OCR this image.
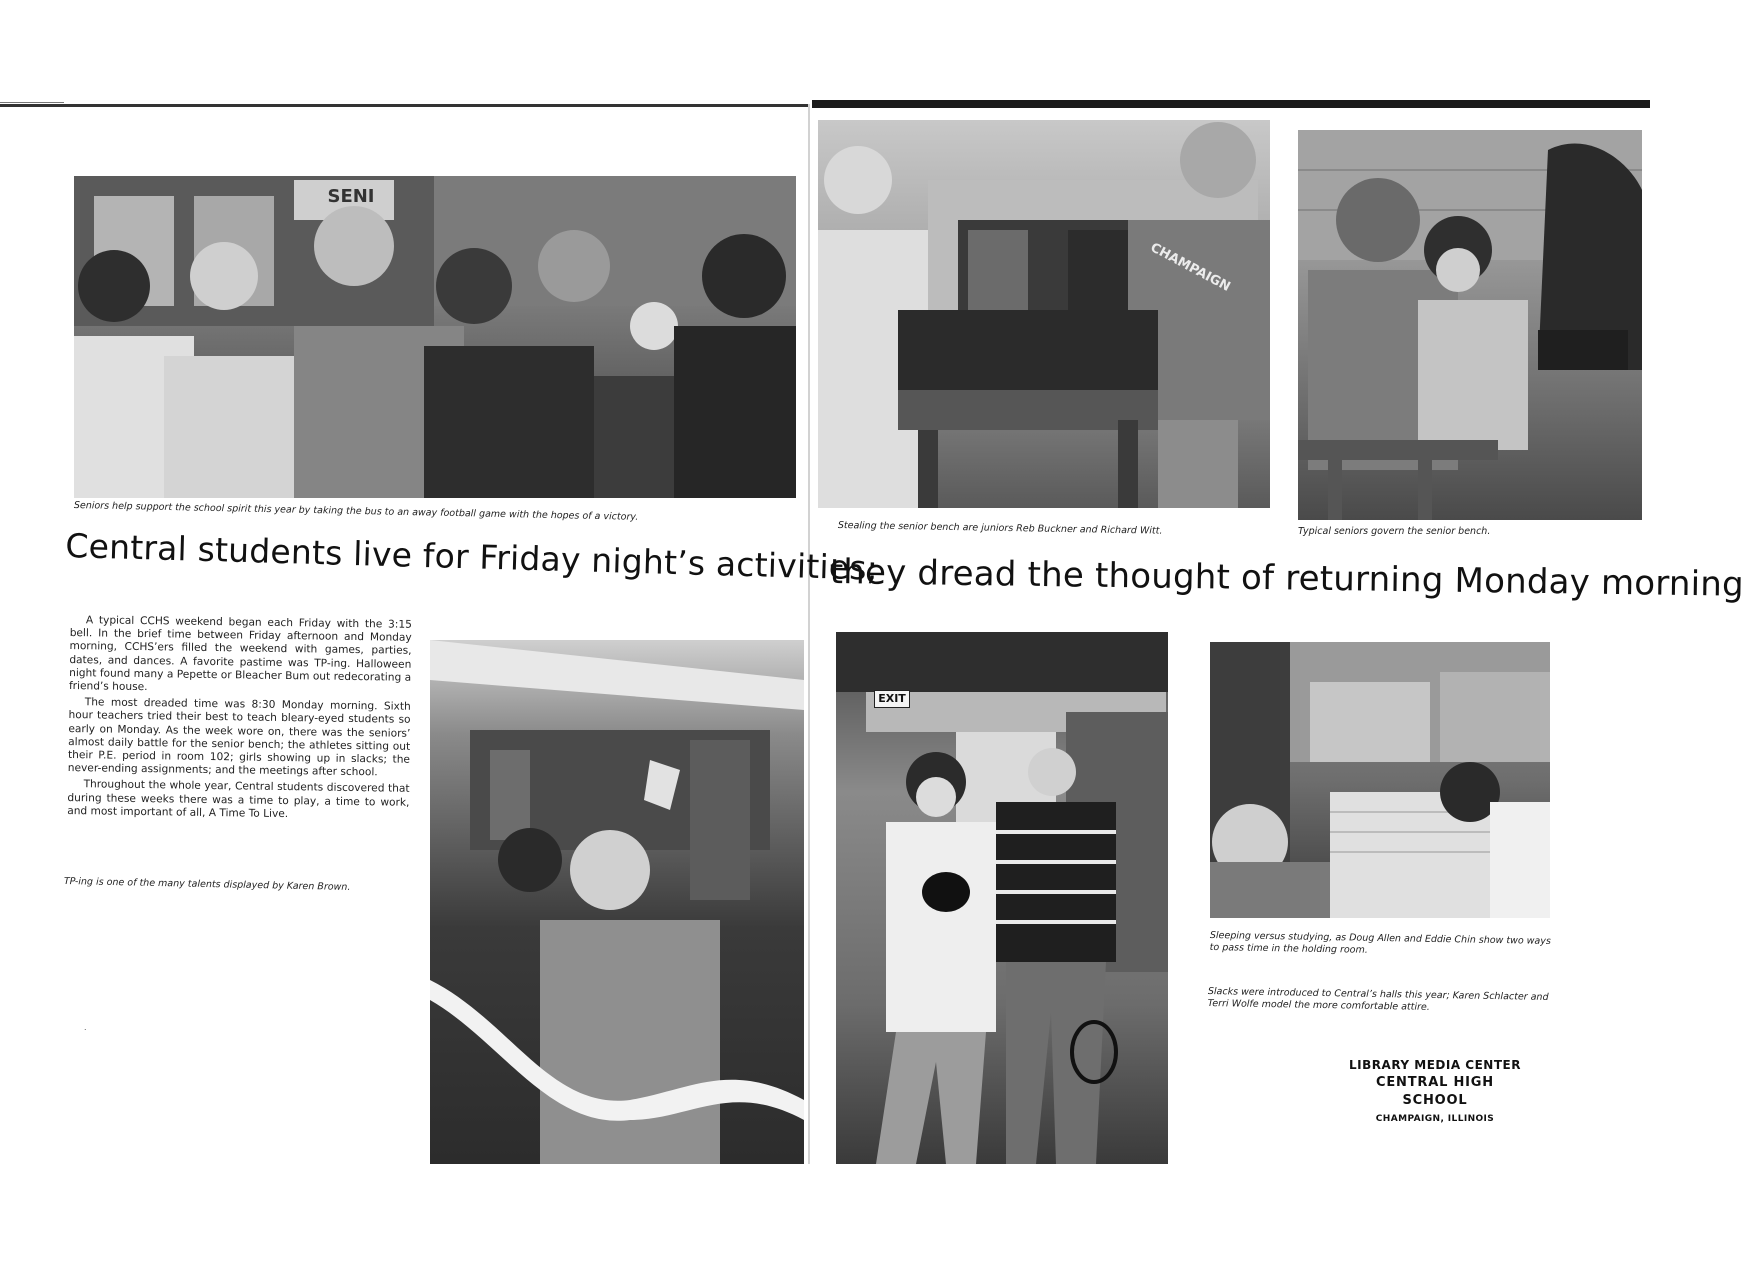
SENI
Seniors help support the school spirit this year by taking the bus to an away football game with the hopes of a victory.
Central students live for Friday night’s activities;

A typical CCHS weekend began each Friday with the 3:15 bell. In the brief time between Friday afternoon and Monday morning, CCHS’ers filled the weekend with games, parties, dates, and dances. A favorite pastime was TP-ing. Halloween night found many a Pepette or Bleacher Bum out redecorating a friend’s house.

The most dreaded time was 8:30 Monday morning. Sixth hour teachers tried their best to teach bleary-eyed students so early on Monday. As the week wore on, there was the seniors’ almost daily battle for the senior bench; the athletes sitting out their P.E. period in room 102; girls showing up in slacks; the never-ending assignments; and the meetings after school.

Throughout the whole year, Central students discovered that during these weeks there was a time to play, a time to work, and most important of all, A Time To Live.

TP-ing is one of the many talents displayed by Karen Brown.
.
CHAMPAIGN
Stealing the senior bench are juniors Reb Buckner and Richard Witt.	Typical seniors govern the senior bench.
they dread the thought of returning Monday morning
EXIT
Sleeping versus studying, as Doug Allen and Eddie Chin show two ways to pass time in the holding room.
Slacks were introduced to Central’s halls this year; Karen Schlacter and Terri Wolfe model the more comfortable attire.
LIBRARY MEDIA CENTER
CENTRAL HIGH SCHOOL
CHAMPAIGN, ILLINOIS
